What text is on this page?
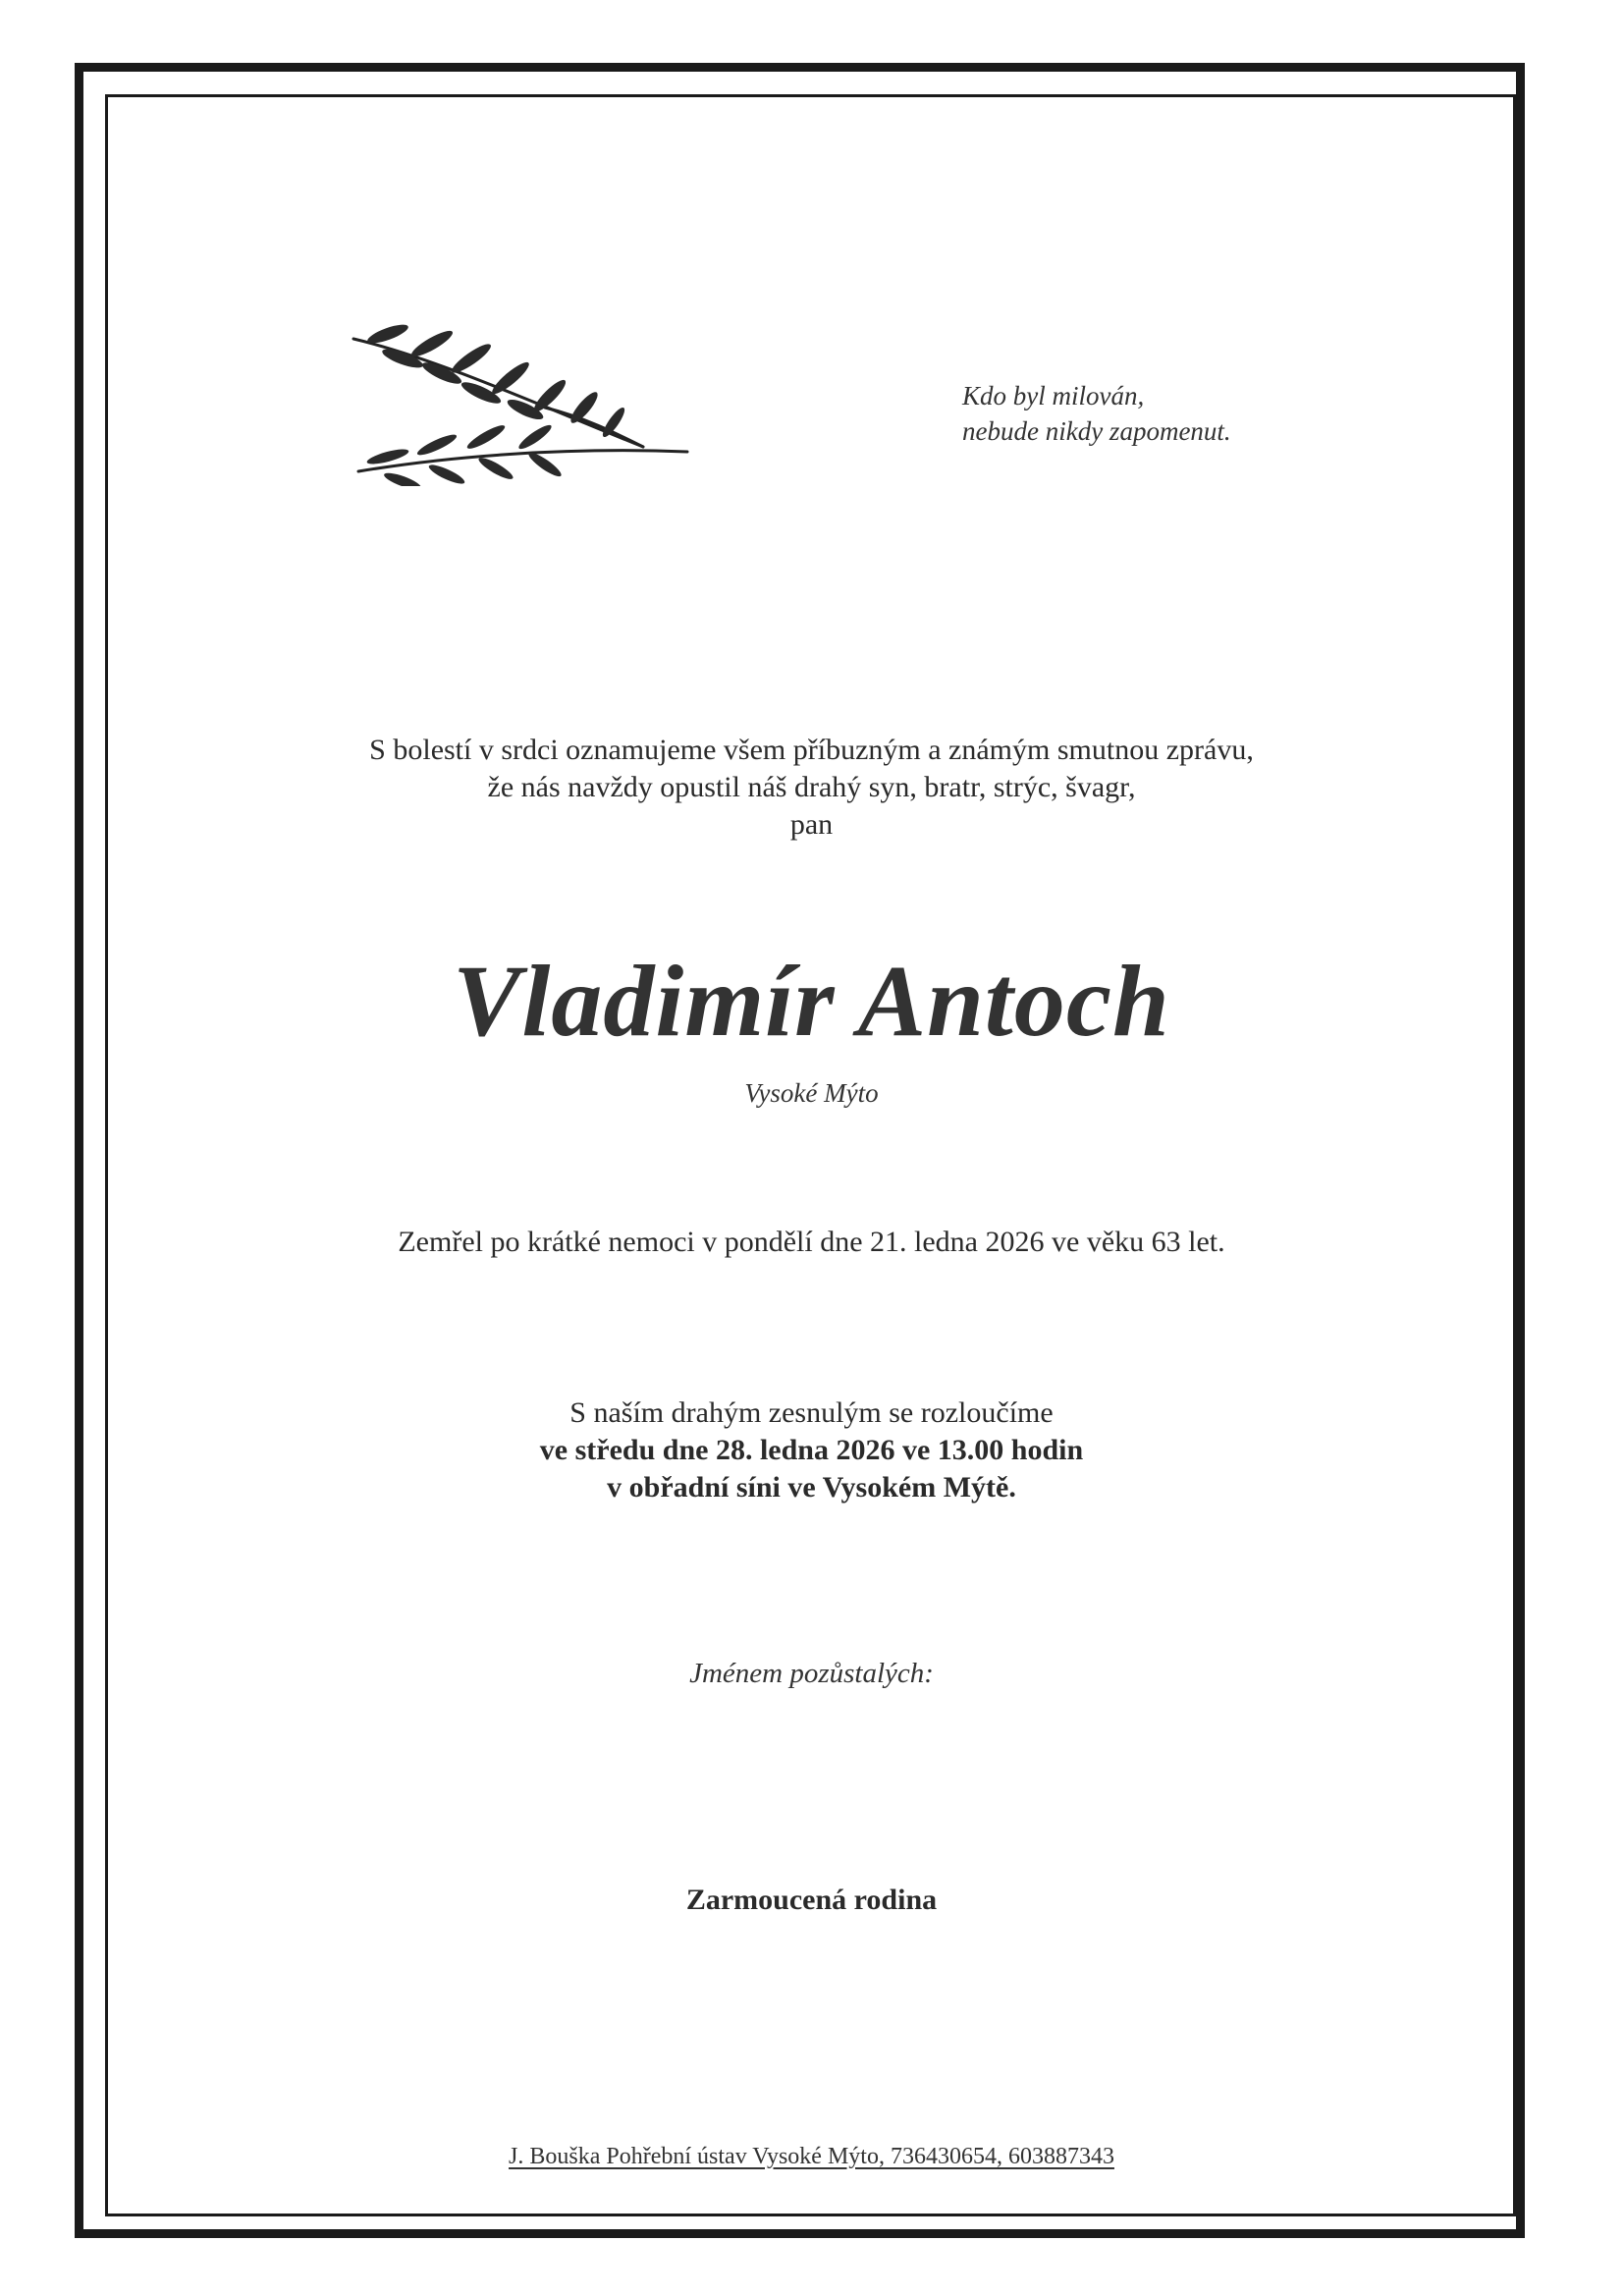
Kdo byl milován,
nebude nikdy zapomenut.
S bolestí v srdci oznamujeme všem příbuzným a známým smutnou zprávu,
že nás navždy opustil náš drahý syn, bratr, strýc, švagr,
pan
Vladimír Antoch
Vysoké Mýto
Zemřel po krátké nemoci v pondělí dne 21. ledna 2026 ve věku 63 let.
S naším drahým zesnulým se rozloučíme
ve středu dne 28. ledna 2026 ve 13.00 hodin
v obřadní síni ve Vysokém Mýtě.
Jménem pozůstalých:
Zarmoucená rodina
J. Bouška Pohřební ústav Vysoké Mýto, 736430654, 603887343
